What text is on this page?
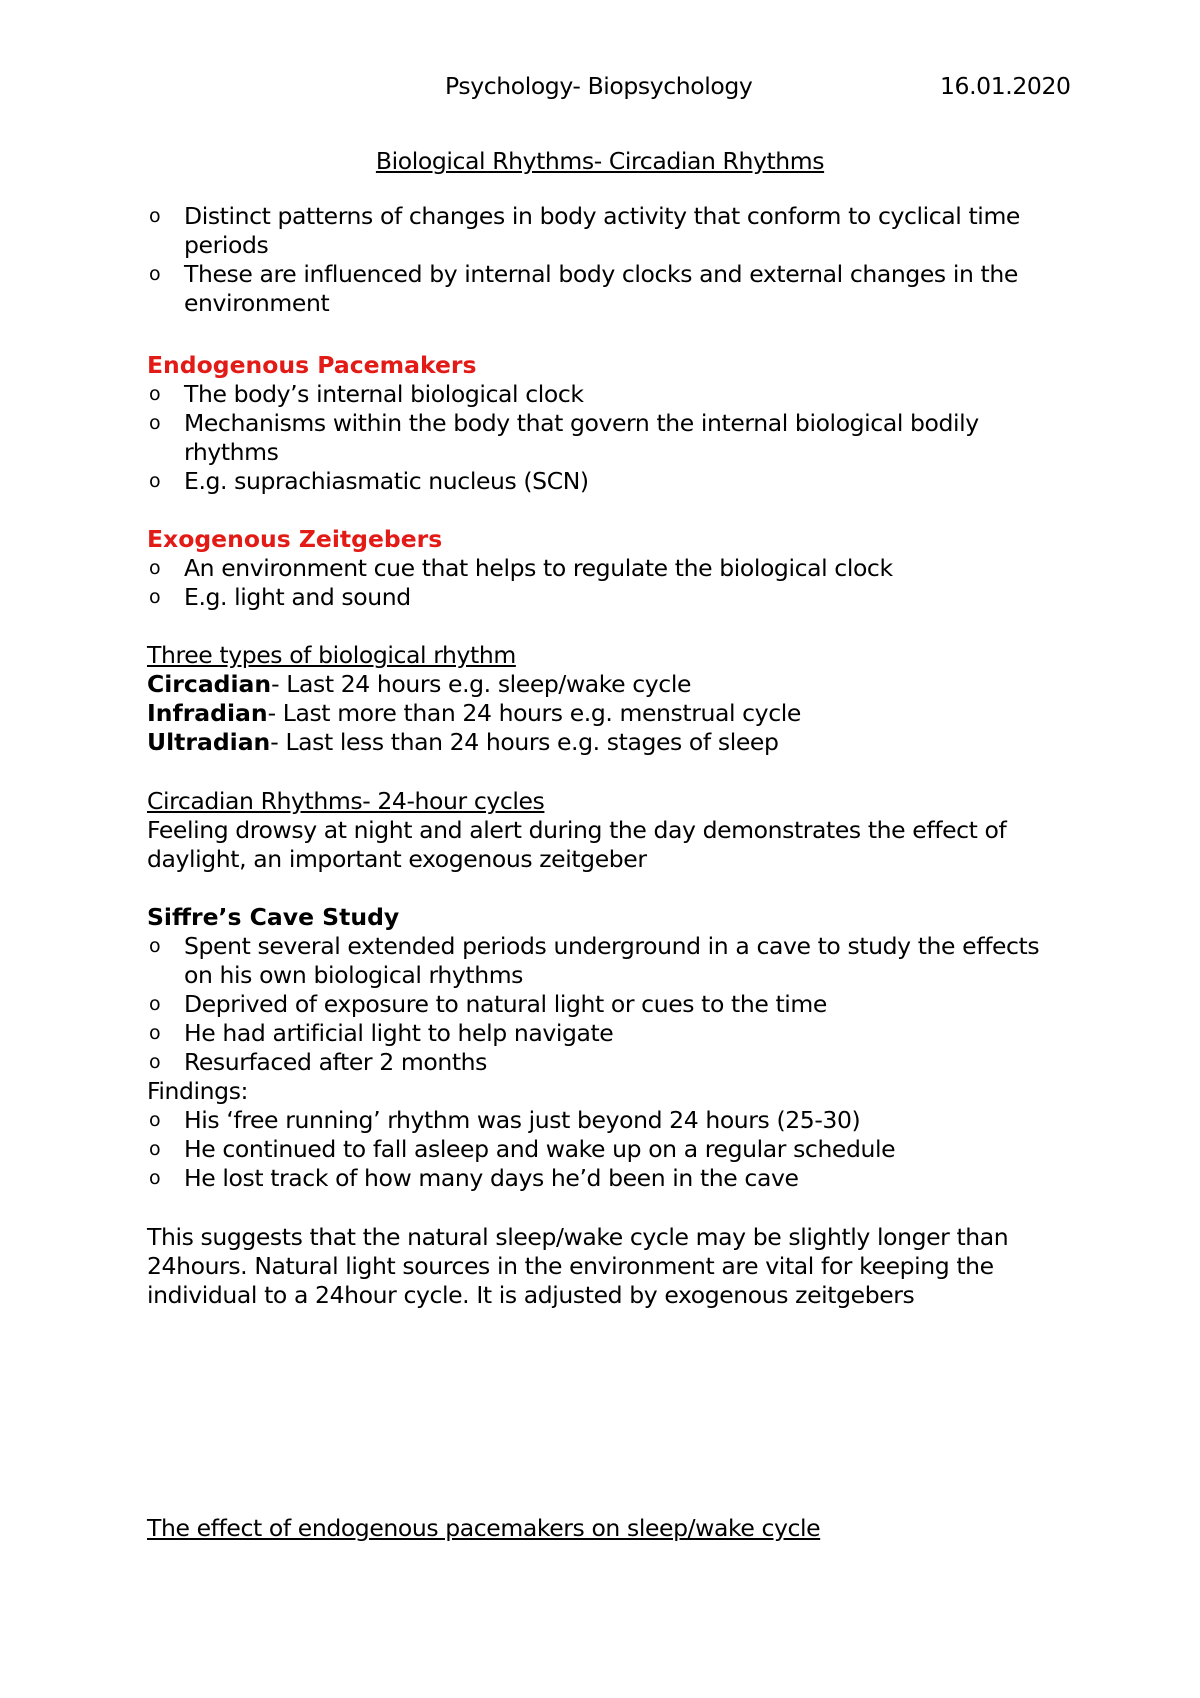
Psychology- Biopsychology	16.01.2020
Biological Rhythms- Circadian Rhythms
o Distinct patterns of changes in body activity that conform to cyclical time periods
o These are influenced by internal body clocks and external changes in the environment
Endogenous Pacemakers
o The body’s internal biological clock
o Mechanisms within the body that govern the internal biological bodily rhythms
o E.g. suprachiasmatic nucleus (SCN)
Exogenous Zeitgebers
o An environment cue that helps to regulate the biological clock
o E.g. light and sound
Three types of biological rhythm

Circadian- Last 24 hours e.g. sleep/wake cycle

Infradian- Last more than 24 hours e.g. menstrual cycle

Ultradian- Last less than 24 hours e.g. stages of sleep

Circadian Rhythms- 24-hour cycles

Feeling drowsy at night and alert during the day demonstrates the effect of daylight, an important exogenous zeitgeber

Siffre’s Cave Study
o Spent several extended periods underground in a cave to study the effects on his own biological rhythms
o Deprived of exposure to natural light or cues to the time
o He had artificial light to help navigate
o Resurfaced after 2 months

Findings:

o His ‘free running’ rhythm was just beyond 24 hours (25-30)
o He continued to fall asleep and wake up on a regular schedule
o He lost track of how many days he’d been in the cave

This suggests that the natural sleep/wake cycle may be slightly longer than 24hours. Natural light sources in the environment are vital for keeping the individual to a 24hour cycle. It is adjusted by exogenous zeitgebers

The effect of endogenous pacemakers on sleep/wake cycle
